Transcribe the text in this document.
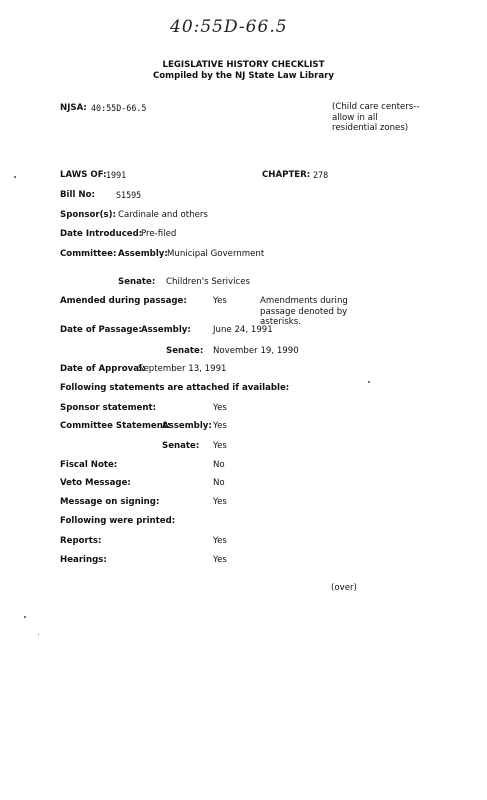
40:55D-66.5
LEGISLATIVE HISTORY CHECKLIST
Compiled by the NJ State Law Library
NJSA: 40:55D-66.5	(Child care centers--allow in all residential zones)
LAWS OF: 1991	CHAPTER: 278
Bill No:	S1595
Sponsor(s): Cardinale and others
Date Introduced:
Pre-filed
Committee: Assembly: Municipal Government
Senate: Children's Serivices
Amended during passage:	Yes	Amendments during passage denoted by asterisks.
Date of Passage: Assembly:	June 24, 1991
Senate: November 19, 1990
Date of Approval:
September 13, 1991
Following statements are attached if available:
Sponsor statement:	Yes
Committee Statement:
Assembly: Yes
Senate: Yes
Fiscal Note:	No
Veto Message:	No
Message on signing:	Yes
Following were printed:
Reports:	Yes
Hearings:	Yes
(over)
